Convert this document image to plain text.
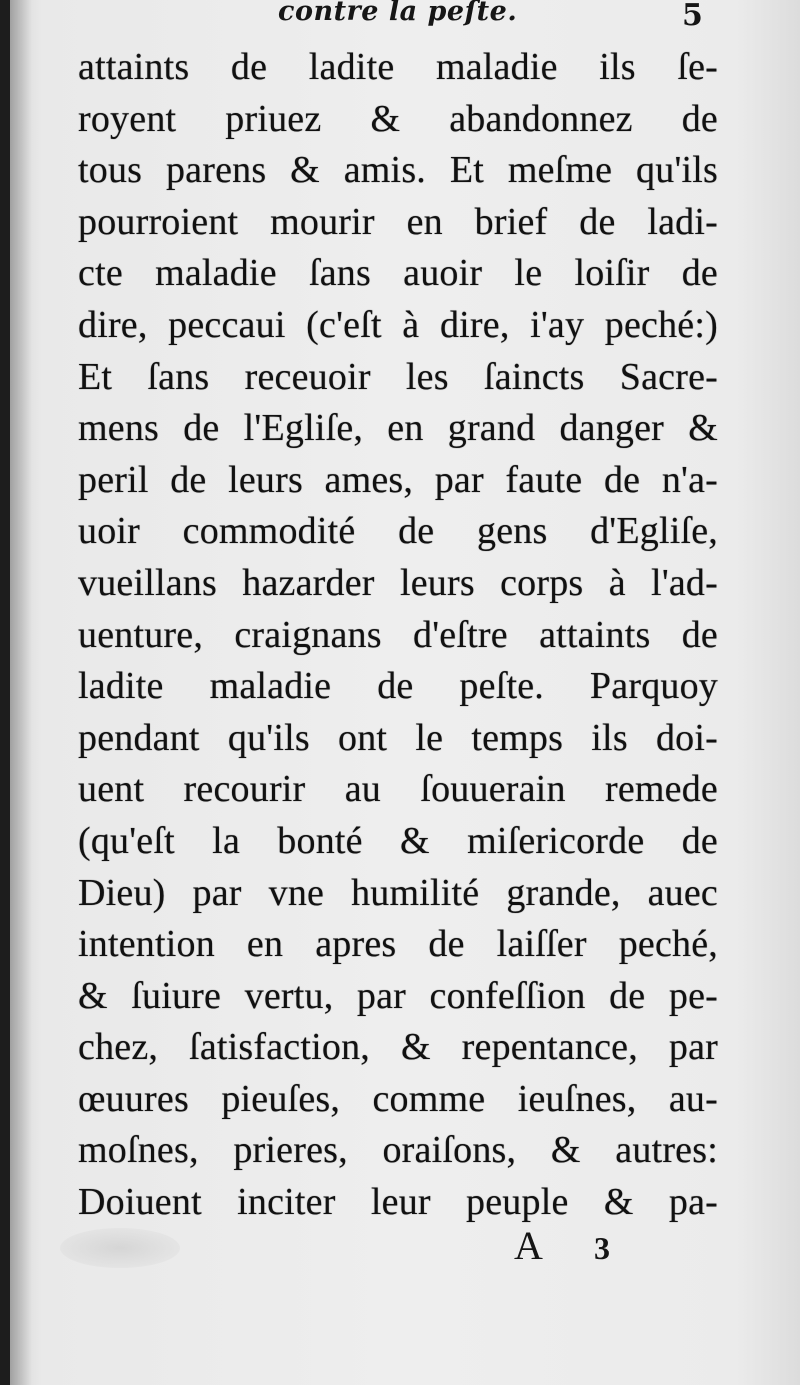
contre la peſte.	5
attaints de ladite maladie ils ſe-
royent priuez & abandonnez de
tous parens & amis. Et meſme qu'ils
pourroient mourir en brief de ladi-
cte maladie ſans auoir le loiſir de
dire, peccaui (c'eſt à dire, i'ay peché:)
Et ſans receuoir les ſaincts Sacre-
mens de l'Egliſe, en grand danger &
peril de leurs ames, par faute de n'a-
uoir commodité de gens d'Egliſe,
vueillans hazarder leurs corps à l'ad-
uenture, craignans d'eſtre attaints de
ladite maladie de peſte. Parquoy
pendant qu'ils ont le temps ils doi-
uent recourir au ſouuerain remede
(qu'eſt la bonté & miſericorde de
Dieu) par vne humilité grande, auec
intention en apres de laiſſer peché,
& ſuiure vertu, par confeſſion de pe-
chez, ſatisfaction, & repentance, par
œuures pieuſes, comme ieuſnes, au-
moſnes, prieres, oraiſons, & autres:
Doiuent inciter leur peuple & pa-
A 3
